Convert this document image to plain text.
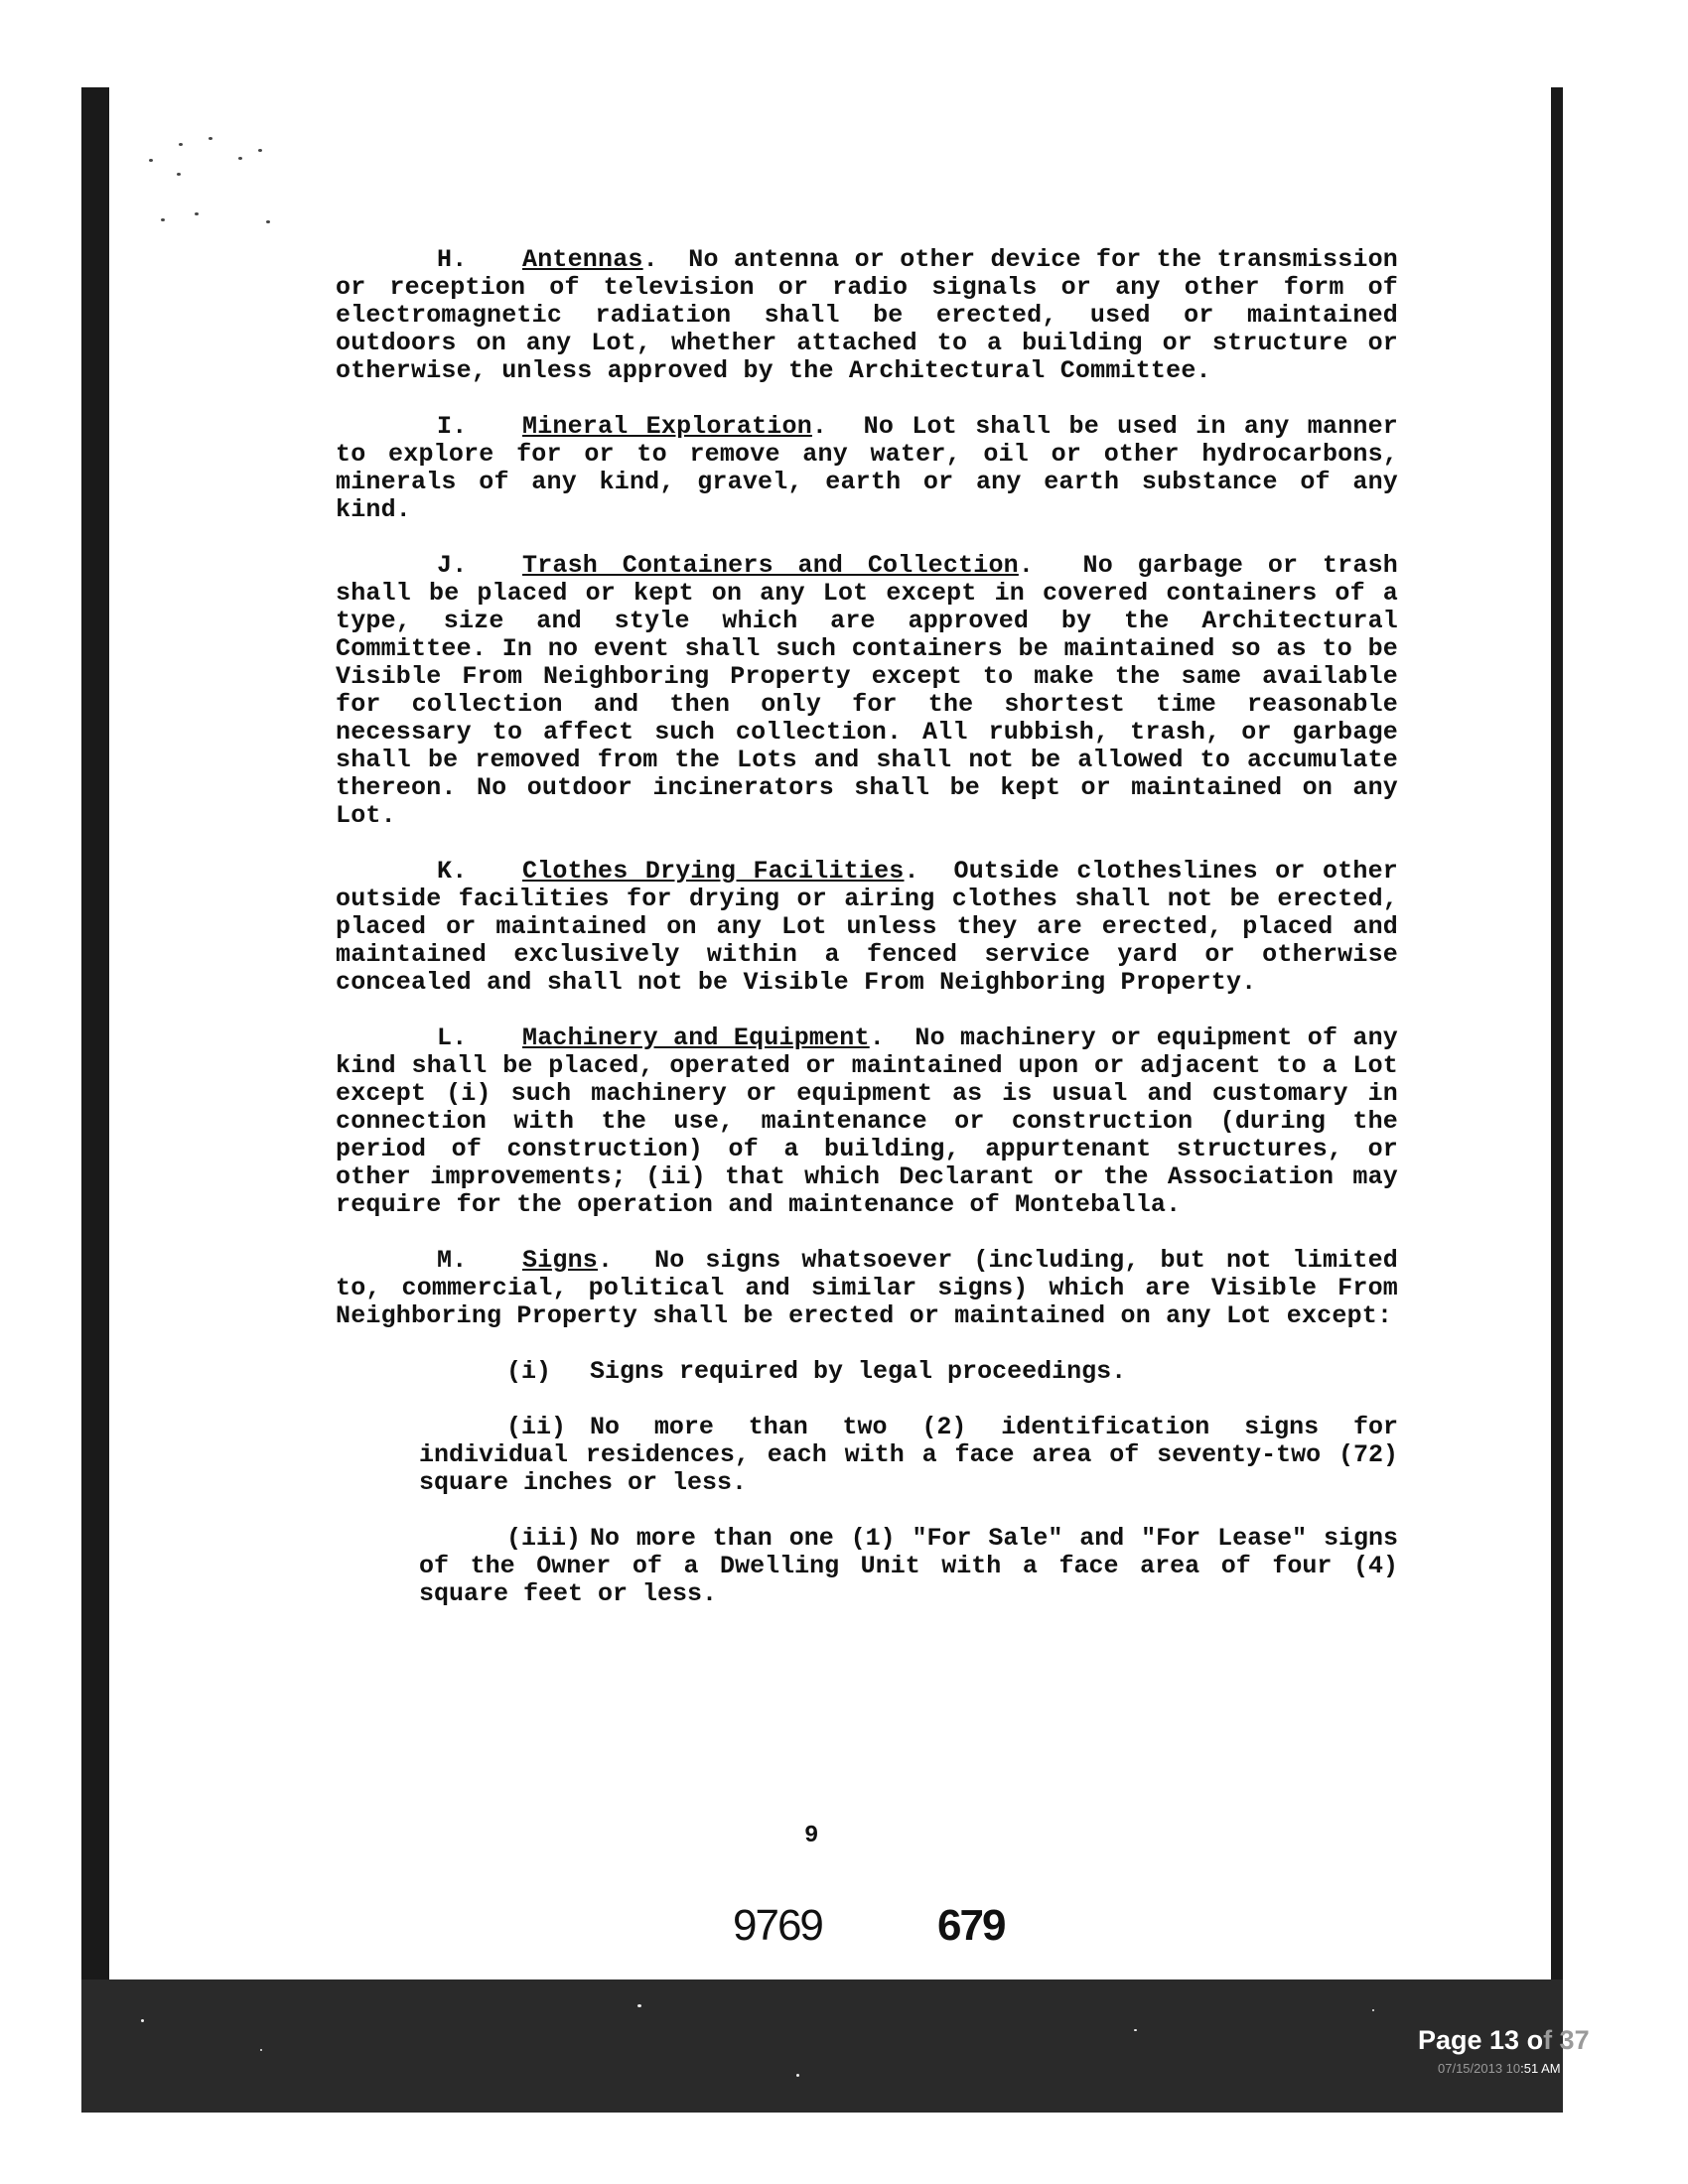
H. Antennas.  No antenna or other device for the transmission or reception of television or radio signals or any other form of electromagnetic radiation shall be erected, used or maintained outdoors on any Lot, whether attached to a building or structure or otherwise, unless approved by the Architectural Committee.

I. Mineral Exploration.  No Lot shall be used in any manner to explore for or to remove any water, oil or other hydrocarbons, minerals of any kind, gravel, earth or any earth substance of any kind.

J. Trash Containers and Collection.  No garbage or trash shall be placed or kept on any Lot except in covered containers of a type, size and style which are approved by the Architectural Committee. In no event shall such containers be maintained so as to be Visible From Neighboring Property except to make the same available for collection and then only for the shortest time reasonable necessary to affect such collection. All rubbish, trash, or garbage shall be removed from the Lots and shall not be allowed to accumulate thereon. No outdoor incinerators shall be kept or maintained on any Lot.

K. Clothes Drying Facilities.  Outside clotheslines or other outside facilities for drying or airing clothes shall not be erected, placed or maintained on any Lot unless they are erected, placed and maintained exclusively within a fenced service yard or otherwise concealed and shall not be Visible From Neighboring Property.

L. Machinery and Equipment.  No machinery or equipment of any kind shall be placed, operated or maintained upon or adjacent to a Lot except (i) such machinery or equipment as is usual and customary in connection with the use, maintenance or construction (during the period of construction) of a building, appurtenant structures, or other improvements; (ii) that which Declarant or the Association may require for the operation and maintenance of Monteballa.

M. Signs.  No signs whatsoever (including, but not limited to, commercial, political and similar signs) which are Visible From Neighboring Property shall be erected or maintained on any Lot except:

(i) Signs required by legal proceedings.

(ii) No more than two (2) identification signs for individual residences, each with a face area of seventy-two (72) square inches or less.

(iii) No more than one (1) "For Sale" and "For Lease" signs of the Owner of a Dwelling Unit with a face area of four (4) square feet or less.

9
9769	679
Page 13 of 37
07/15/2013 10:51 AM
